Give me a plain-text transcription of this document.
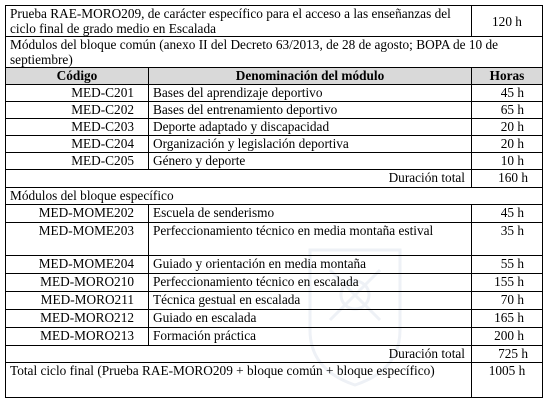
Prueba RAE-MORO209, de carácter específico para el acceso a las enseñanzas del ciclo final de grado medio en Escalada		120 h
Módulos del bloque común (anexo II del Decreto 63/2013, de 28 de agosto; BOPA de 10 de septiembre)		
Código	Denominación del módulo	Horas
MED-C201	Bases del aprendizaje deportivo	45 h
MED-C202	Bases del entrenamiento deportivo	65 h
MED-C203	Deporte adaptado y discapacidad	20 h
MED-C204	Organización y legislación deportiva	20 h
MED-C205	Género y deporte	10 h
Duración total		160 h
Módulos del bloque específico		
MED-MOME202	Escuela de senderismo	45 h
MED-MOME203	Perfeccionamiento técnico en media montaña estival	35 h
MED-MOME204	Guiado y orientación en media montaña	55 h
MED-MORO210	Perfeccionamiento técnico en escalada	155 h
MED-MORO211	Técnica gestual en escalada	70 h
MED-MORO212	Guiado en escalada	165 h
MED-MORO213	Formación práctica	200 h
Duración total		725 h
Total ciclo final (Prueba RAE-MORO209 + bloque común + bloque específico)		1005 h
